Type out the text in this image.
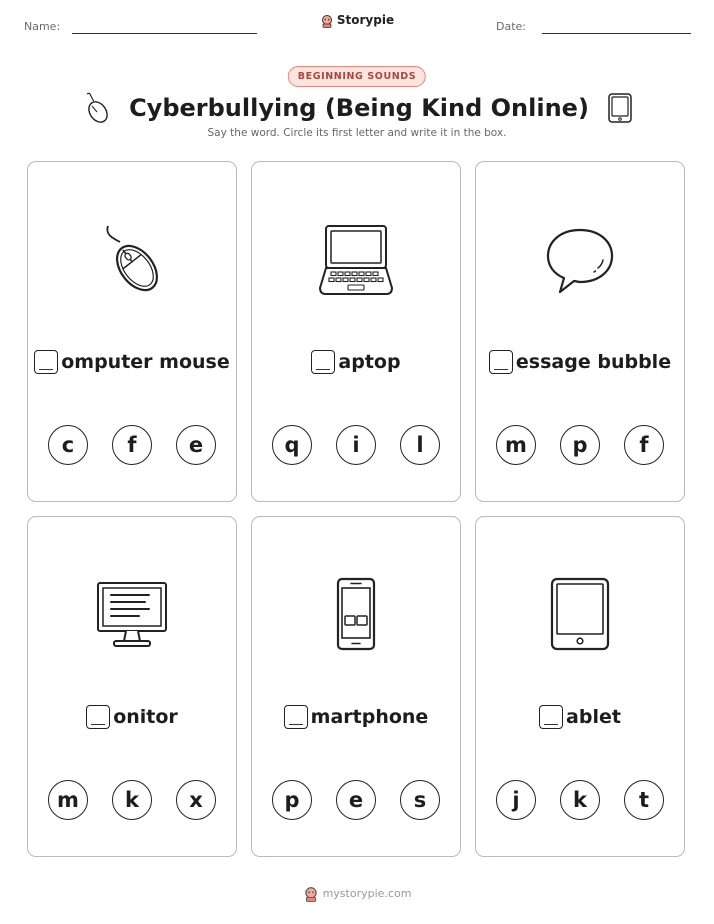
Name:	Storypie	Date:
BEGINNING SOUNDS
Cyberbullying (Being Kind Online)
Say the word. Circle its first letter and write it in the box.
omputer mouse
c	f	e
aptop
q	i	l
essage bubble
m	p	f
onitor
m	k	x
martphone
p	e	s
ablet
j	k	t
mystorypie.com
